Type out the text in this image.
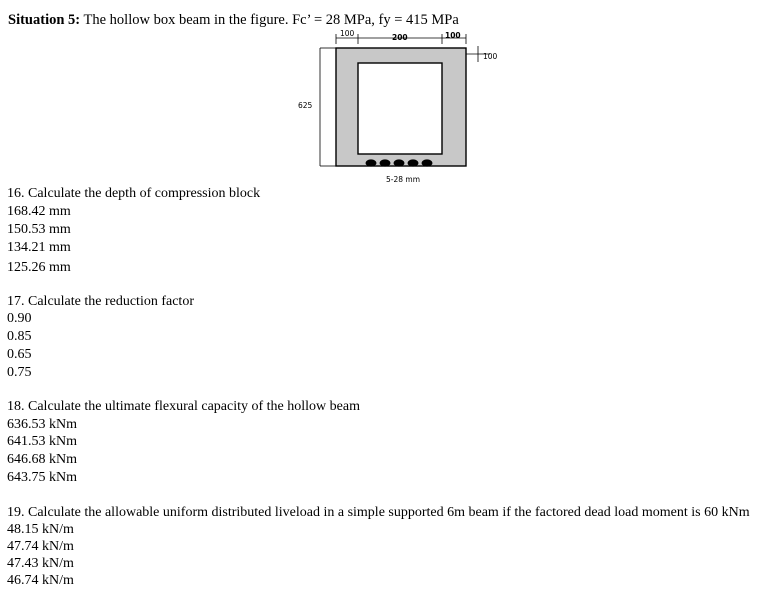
Situation 5: The hollow box beam in the figure. Fc’ = 28 MPa, fy = 415 MPa
100	200	100
100
625
5-28 mm
16. Calculate the depth of compression block
168.42 mm
150.53 mm
134.21 mm
125.26 mm
17. Calculate the reduction factor
0.90
0.85
0.65
0.75
18. Calculate the ultimate flexural capacity of the hollow beam
636.53 kNm
641.53 kNm
646.68 kNm
643.75 kNm
19. Calculate the allowable uniform distributed liveload in a simple supported 6m beam if the factored dead load moment is 60 kNm
48.15 kN/m
47.74 kN/m
47.43 kN/m
46.74 kN/m
